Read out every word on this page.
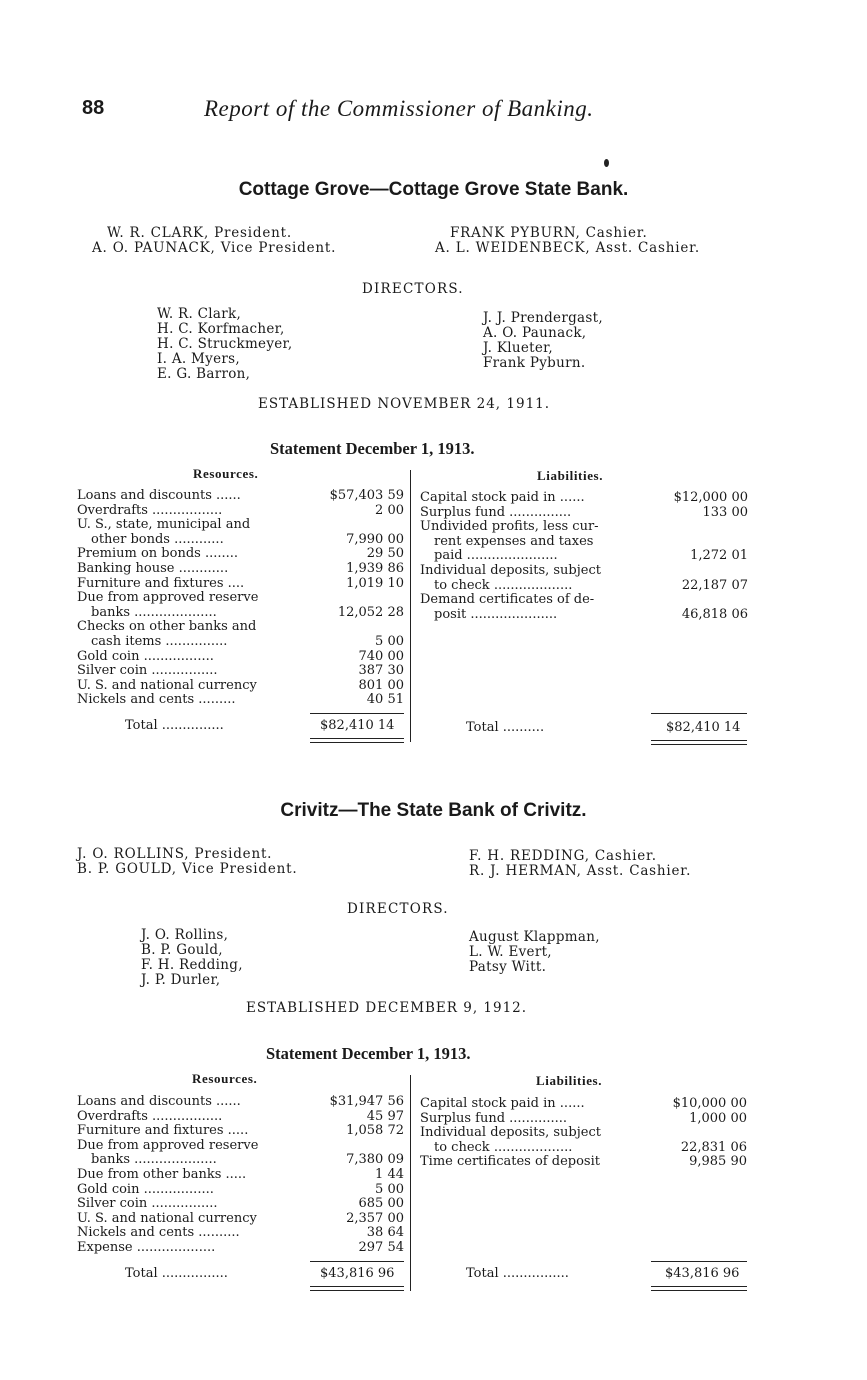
88	Report of the Commissioner of Banking.
Cottage Grove—Cottage Grove State Bank.
W. R. CLARK, President.
A. O. PAUNACK, Vice President.
FRANK PYBURN, Cashier.
A. L. WEIDENBECK, Asst. Cashier.
DIRECTORS.
W. R. Clark,
H. C. Korfmacher,
H. C. Struckmeyer,
I. A. Myers,
E. G. Barron,
J. J. Prendergast,
A. O. Paunack,
J. Klueter,
Frank Pyburn.
ESTABLISHED NOVEMBER 24, 1911.
Statement December 1, 1913.
Resources.	Liabilities.
Loans and discounts ......	$57,403 59
Overdrafts .................	2 00
U. S., state, municipal and
other bonds ............	7,990 00
Premium on bonds ........	29 50
Banking house ............	1,939 86
Furniture and fixtures ....	1,019 10
Due from approved reserve
banks ....................	12,052 28
Checks on other banks and
cash items ...............	5 00
Gold coin .................	740 00
Silver coin ................	387 30
U. S. and national currency	801 00
Nickels and cents .........	40 51
Capital stock paid in ......	$12,000 00
Surplus fund ...............	133 00
Undivided profits, less cur-
rent expenses and taxes
paid ......................	1,272 01
Individual deposits, subject
to check ...................	22,187 07
Demand certificates of de-
posit .....................	46,818 06
Total ...............	$82,410 14	Total ..........	$82,410 14
Crivitz—The State Bank of Crivitz.
J. O. ROLLINS, President.
B. P. GOULD, Vice President.
F. H. REDDING, Cashier.
R. J. HERMAN, Asst. Cashier.
DIRECTORS.
J. O. Rollins,
B. P. Gould,
F. H. Redding,
J. P. Durler,
August Klappman,
L. W. Evert,
Patsy Witt.
ESTABLISHED DECEMBER 9, 1912.
Statement December 1, 1913.
Resources.	Liabilities.
Loans and discounts ......	$31,947 56
Overdrafts .................	45 97
Furniture and fixtures .....	1,058 72
Due from approved reserve
banks ....................	7,380 09
Due from other banks .....	1 44
Gold coin .................	5 00
Silver coin ................	685 00
U. S. and national currency	2,357 00
Nickels and cents ..........	38 64
Expense ...................	297 54
Capital stock paid in ......	$10,000 00
Surplus fund ..............	1,000 00
Individual deposits, subject
to check ...................	22,831 06
Time certificates of deposit	9,985 90
Total ................	$43,816 96	Total ................	$43,816 96
